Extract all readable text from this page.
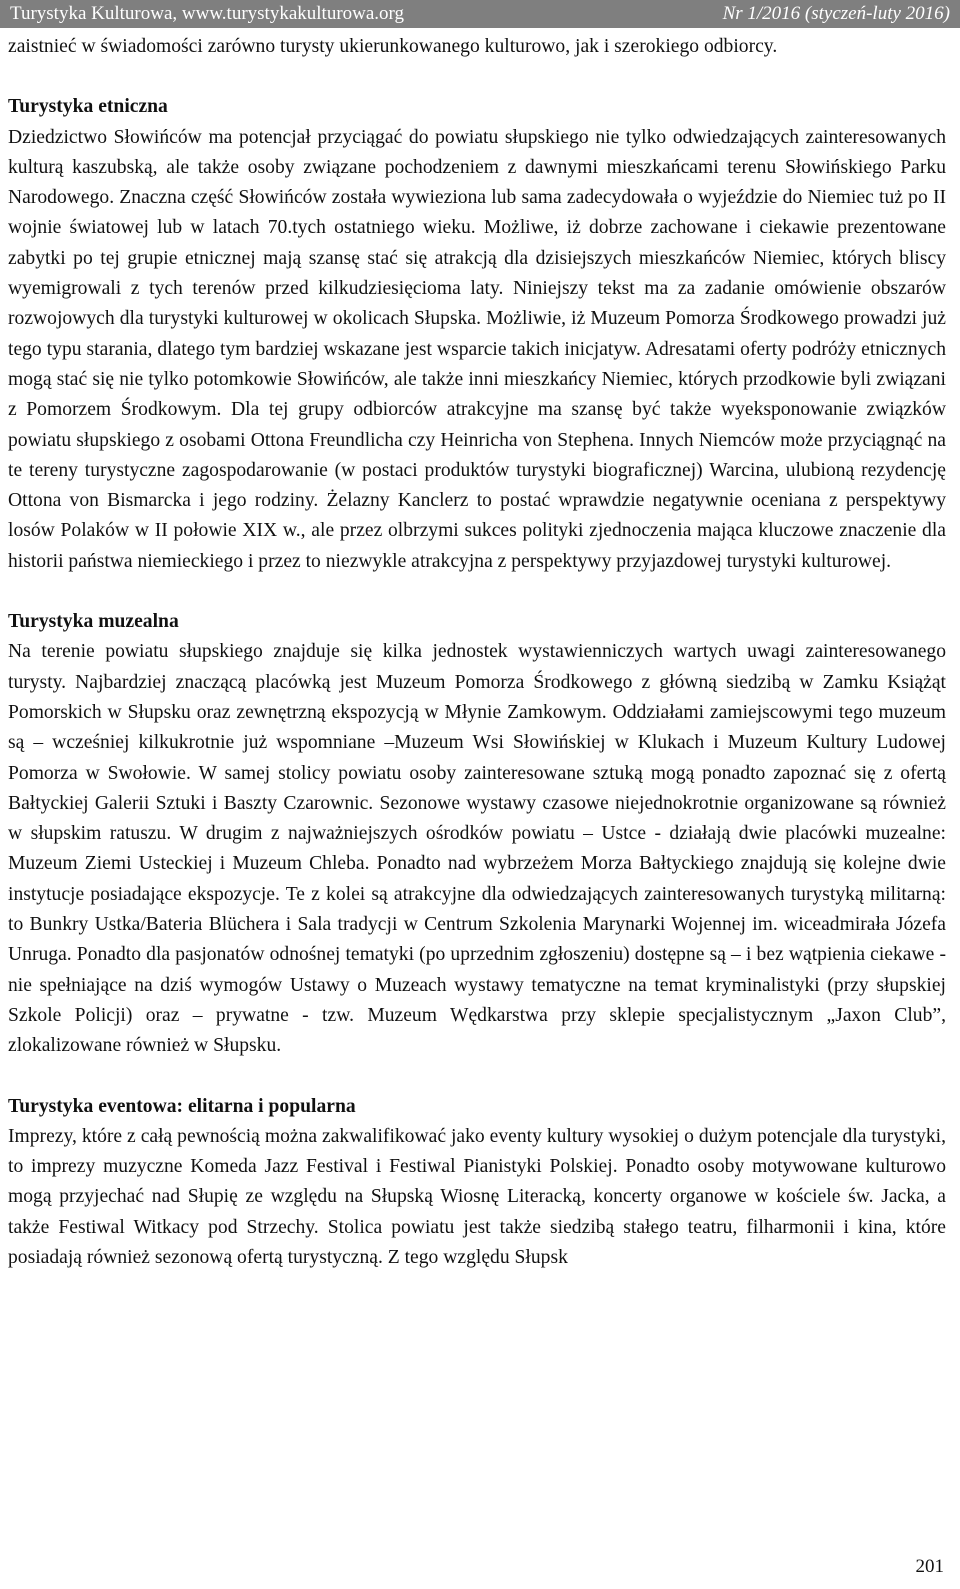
Turystyka Kulturowa, www.turystykakulturowa.org	Nr 1/2016 (styczeń-luty 2016)

zaistnieć w świadomości zarówno turysty ukierunkowanego kulturowo, jak i szerokiego odbiorcy.

Turystyka etniczna

Dziedzictwo Słowińców ma potencjał przyciągać do powiatu słupskiego nie tylko odwiedzających zainteresowanych kulturą kaszubską, ale także osoby związane pochodzeniem z dawnymi mieszkańcami terenu Słowińskiego Parku Narodowego. Znaczna część Słowińców została wywieziona lub sama zadecydowała o wyjeździe do Niemiec tuż po II wojnie światowej lub w latach 70.tych ostatniego wieku. Możliwe, iż dobrze zachowane i ciekawie prezentowane zabytki po tej grupie etnicznej mają szansę stać się atrakcją dla dzisiejszych mieszkańców Niemiec, których bliscy wyemigrowali z tych terenów przed kilkudziesięcioma laty. Niniejszy tekst ma za zadanie omówienie obszarów rozwojowych dla turystyki kulturowej w okolicach Słupska. Możliwie, iż Muzeum Pomorza Środkowego prowadzi już tego typu starania, dlatego tym bardziej wskazane jest wsparcie takich inicjatyw. Adresatami oferty podróży etnicznych mogą stać się nie tylko potomkowie Słowińców, ale także inni mieszkańcy Niemiec, których przodkowie byli związani z Pomorzem Środkowym. Dla tej grupy odbiorców atrakcyjne ma szansę być także wyeksponowanie związków powiatu słupskiego z osobami Ottona Freundlicha czy Heinricha von Stephena. Innych Niemców może przyciągnąć na te tereny turystyczne zagospodarowanie (w postaci produktów turystyki biograficznej) Warcina, ulubioną rezydencję Ottona von Bismarcka i jego rodziny. Żelazny Kanclerz to postać wprawdzie negatywnie oceniana z perspektywy losów Polaków w II połowie XIX w., ale przez olbrzymi sukces polityki zjednoczenia mająca kluczowe znaczenie dla historii państwa niemieckiego i przez to niezwykle atrakcyjna z perspektywy przyjazdowej turystyki kulturowej.

Turystyka muzealna

Na terenie powiatu słupskiego znajduje się kilka jednostek wystawienniczych wartych uwagi zainteresowanego turysty. Najbardziej znaczącą placówką jest Muzeum Pomorza Środkowego z główną siedzibą w Zamku Książąt Pomorskich w Słupsku oraz zewnętrzną ekspozycją w Młynie Zamkowym. Oddziałami zamiejscowymi tego muzeum są – wcześniej kilkukrotnie już wspomniane –Muzeum Wsi Słowińskiej w Klukach i Muzeum Kultury Ludowej Pomorza w Swołowie. W samej stolicy powiatu osoby zainteresowane sztuką mogą ponadto zapoznać się z ofertą Bałtyckiej Galerii Sztuki i Baszty Czarownic. Sezonowe wystawy czasowe niejednokrotnie organizowane są również w słupskim ratuszu. W drugim z najważniejszych ośrodków powiatu – Ustce - działają dwie placówki muzealne: Muzeum Ziemi Usteckiej i Muzeum Chleba. Ponadto nad wybrzeżem Morza Bałtyckiego znajdują się kolejne dwie instytucje posiadające ekspozycje. Te z kolei są atrakcyjne dla odwiedzających zainteresowanych turystyką militarną: to Bunkry Ustka/Bateria Blüchera i Sala tradycji w Centrum Szkolenia Marynarki Wojennej im. wiceadmirała Józefa Unruga. Ponadto dla pasjonatów odnośnej tematyki (po uprzednim zgłoszeniu) dostępne są – i bez wątpienia ciekawe - nie spełniające na dziś wymogów Ustawy o Muzeach wystawy tematyczne na temat kryminalistyki (przy słupskiej Szkole Policji) oraz – prywatne - tzw. Muzeum Wędkarstwa przy sklepie specjalistycznym „Jaxon Club”, zlokalizowane również w Słupsku.

Turystyka eventowa: elitarna i popularna

Imprezy, które z całą pewnością można zakwalifikować jako eventy kultury wysokiej o dużym potencjale dla turystyki, to imprezy muzyczne Komeda Jazz Festival i Festiwal Pianistyki Polskiej. Ponadto osoby motywowane kulturowo mogą przyjechać nad Słupię ze względu na Słupską Wiosnę Literacką, koncerty organowe w kościele św. Jacka, a także Festiwal Witkacy pod Strzechy. Stolica powiatu jest także siedzibą stałego teatru, filharmonii i kina, które posiadają również sezonową ofertą turystyczną. Z tego względu Słupsk

201
